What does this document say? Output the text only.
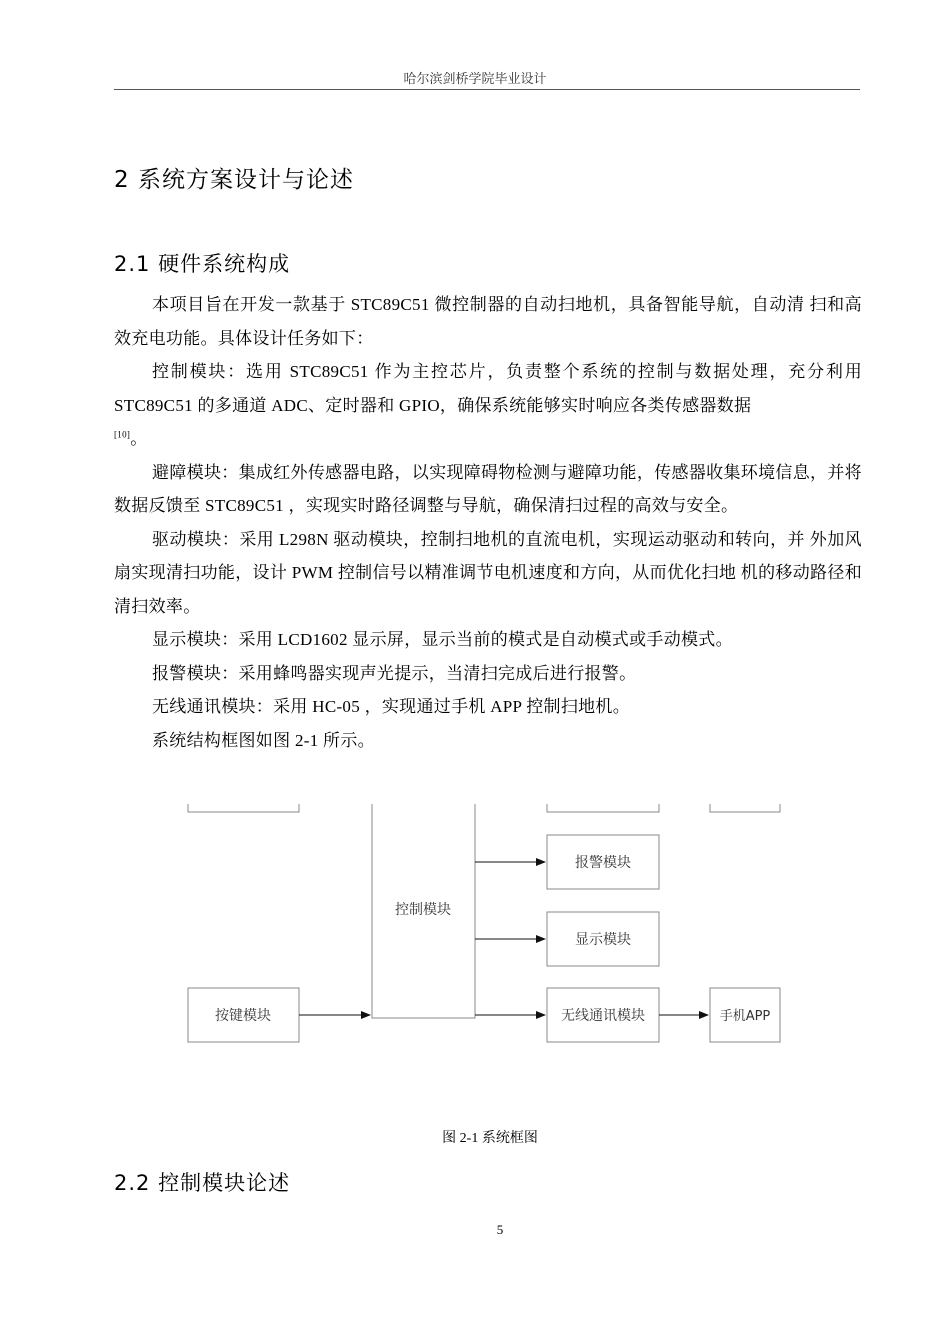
哈尔滨剑桥学院毕业设计
2 系统方案设计与论述
2.1 硬件系统构成

本项目旨在开发一款基于 STC89C51 微控制器的自动扫地机，具备智能导航，自动清 扫和高效充电功能。具体设计任务如下：

控制模块：选用 STC89C51 作为主控芯片，负责整个系统的控制与数据处理，充分利用 STC89C51 的多通道 ADC、定时器和 GPIO，确保系统能够实时响应各类传感器数据
[10]。

避障模块：集成红外传感器电路，以实现障碍物检测与避障功能，传感器收集环境信息，并将数据反馈至 STC89C51 ，实现实时路径调整与导航，确保清扫过程的高效与安全。

驱动模块：采用 L298N 驱动模块，控制扫地机的直流电机，实现运动驱动和转向，并 外加风扇实现清扫功能，设计 PWM 控制信号以精准调节电机速度和方向，从而优化扫地 机的移动路径和清扫效率。

显示模块：采用 LCD1602 显示屏，显示当前的模式是自动模式或手动模式。

报警模块：采用蜂鸣器实现声光提示，当清扫完成后进行报警。

无线通讯模块：采用 HC-05 ，实现通过手机 APP 控制扫地机。

系统结构框图如图 2-1 所示。

控制模块
报警模块
显示模块
按键模块	无线通讯模块	手机APP
图 2-1 系统框图
2.2 控制模块论述
5
